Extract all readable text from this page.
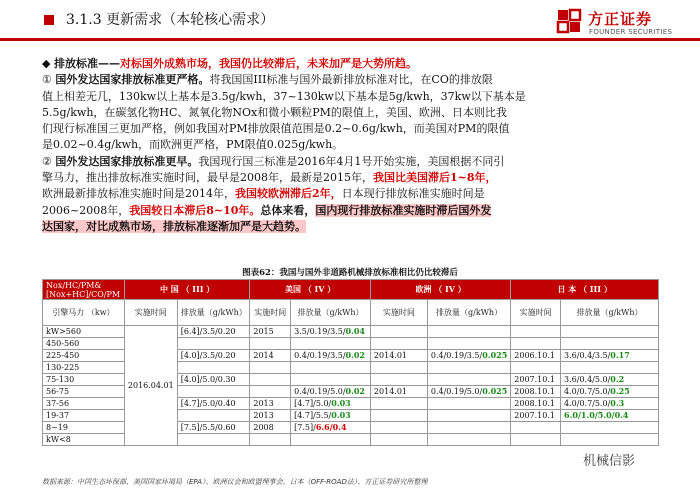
3.1.3 更新需求（本轮核心需求）	方正证券
FOUNDER SECURITIES
◆ 排放标准——对标国外成熟市场，我国仍比较滞后，未来加严是大势所趋。
① 国外发达国家排放标准更严格。将我国国III标准与国外最新排放标准对比，在CO的排放限
值上相差无几，130kw以上基本是3.5g/kwh，37~130kw以下基本是5g/kwh，37kw以下基本是
5.5g/kwh，在碳氢化物HC、氮氧化物NOx和微小颗粒PM的限值上，美国、欧洲、日本则比我
们现行标准国三更加严格，例如我国对PM排放限值范围是0.2~0.6g/kwh，而美国对PM的限值
是0.02~0.4g/kwh，而欧洲更严格，PM限值0.025g/kwh。
② 国外发达国家排放标准更早。我国现行国三标准是2016年4月1号开始实施，美国根据不同引
擎马力，推出排放标准实施时间，最早是2008年，最新是2015年，我国比美国滞后1~8年，
欧洲最新排放标准实施时间是2014年，我国较欧洲滞后2年，日本现行排放标准实施时间是
2006~2008年，我国较日本滞后8~10年。总体来看，国内现行排放标准实施时滞后国外发
达国家，对比成熟市场，排放标准逐渐加严是大趋势。
图表62：我国与国外非道路机械排放标准相比仍比较滞后
Nox/HC/PM&[Nox+HC]/CO/PM	中 国 （ III ）		美国 （ IV ）		欧洲 （ IV ）		日 本 （ III ）	
引擎马力 （kw）	实施时间	排放量（g/kWh）	实施时间	排放量（g/kWh）	实施时间	排放量（g/kWh）	实施时间	排放量（g/kWh）
kW>560	2016.04.01	[6.4]/3.5/0.20	2015	3.5/0.19/3.5/0.04				
450-560								
225-450		[4.0]/3.5/0.20	2014	0.4/0.19/3.5/0.02	2014.01	0.4/0.19/3.5/0.025	2006.10.1	3.6/0.4/3.5/0.17
130-225								
75-130		[4.0]/5.0/0.30					2007.10.1	3.6/0.4/5.0/0.2
56-75				0.4/0.19/5.0/0.02	2014.01	0.4/0.19/5.0/0.025	2008.10.1	4.0/0.7/5.0/0.25
37-56		[4.7]/5.0/0.40	2013	[4.7]/5.0/0.03			2008.10.1	4.0/0.7/5.0/0.3
19-37			2013	[4.7]/5.5/0.03			2007.10.1	6.0/1.0/5.0/0.4
8~19		[7.5]/5.5/0.60	2008	[7.5]/6.6/0.4				
kW<8								
数据来源：中国生态环保部、美国国家环境局（EPA）、欧洲议会和欧盟理事会、日本（OFF-ROAD法）、方正证券研究所整理
机械信影
